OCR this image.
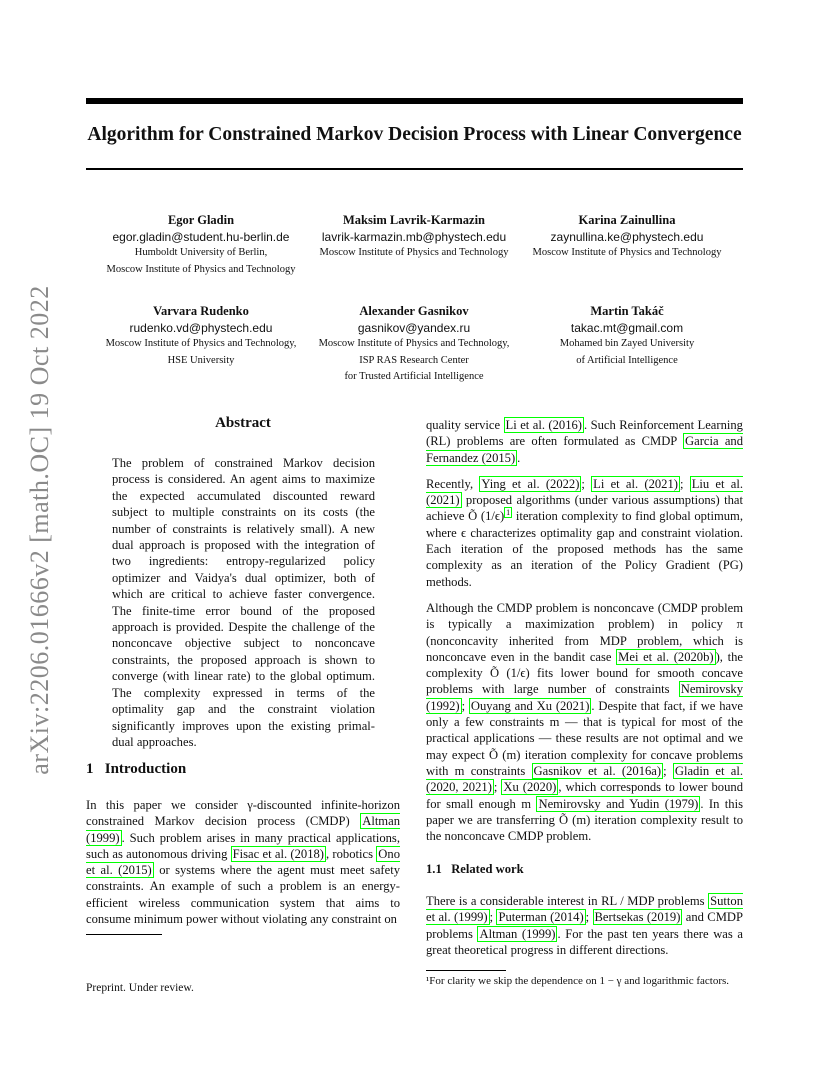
arXiv:2206.01666v2 [math.OC] 19 Oct 2022
Algorithm for Constrained Markov Decision Process with Linear Convergence
Egor Gladin
egor.gladin@student.hu-berlin.de
Humboldt University of Berlin,
Moscow Institute of Physics and Technology
Maksim Lavrik-Karmazin
lavrik-karmazin.mb@phystech.edu
Moscow Institute of Physics and Technology
Karina Zainullina
zaynullina.ke@phystech.edu
Moscow Institute of Physics and Technology
Varvara Rudenko
rudenko.vd@phystech.edu
Moscow Institute of Physics and Technology,
HSE University
Alexander Gasnikov
gasnikov@yandex.ru
Moscow Institute of Physics and Technology,
ISP RAS Research Center
for Trusted Artificial Intelligence
Martin Takáč
takac.mt@gmail.com
Mohamed bin Zayed University
of Artificial Intelligence
Abstract
The problem of constrained Markov decision process is considered. An agent aims to maximize the expected accumulated discounted reward subject to multiple constraints on its costs (the number of constraints is relatively small). A new dual approach is proposed with the integration of two ingredients: entropy-regularized policy optimizer and Vaidya's dual optimizer, both of which are critical to achieve faster convergence. The finite-time error bound of the proposed approach is provided. Despite the challenge of the nonconcave objective subject to nonconcave constraints, the proposed approach is shown to converge (with linear rate) to the global optimum. The complexity expressed in terms of the optimality gap and the constraint violation significantly improves upon the existing primal-dual approaches.
1   Introduction

In this paper we consider γ-discounted infinite-horizon constrained Markov decision process (CMDP) Altman (1999) . Such problem arises in many practical applications, such as autonomous driving Fisac et al. (2018) , robotics Ono et al. (2015) or systems where the agent must meet safety constraints. An example of such a problem is an energy-efficient wireless communication system that aims to consume minimum power without violating any constraint on

Preprint. Under review.

quality service Li et al. (2016) . Such Reinforcement Learning (RL) problems are often formulated as CMDP Garcia and Fernandez (2015) .

Recently, Ying et al. (2022) ; Li et al. (2021) ; Liu et al. (2021) proposed algorithms (under various assumptions) that achieve Õ (1/ϵ) $^1$ iteration complexity to find global optimum, where ϵ characterizes optimality gap and constraint violation. Each iteration of the proposed methods has the same complexity as an iteration of the Policy Gradient (PG) methods.

Although the CMDP problem is nonconcave (CMDP problem is typically a maximization problem) in policy π (nonconcavity inherited from MDP problem, which is nonconcave even in the bandit case Mei et al. (2020b) ), the complexity Õ (1/ϵ) fits lower bound for smooth concave problems with large number of constraints Nemirovsky (1992) ; Ouyang and Xu (2021) . Despite that fact, if we have only a few constraints m — that is typical for most of the practical applications — these results are not optimal and we may expect Õ (m) iteration complexity for concave problems with m constraints Gasnikov et al. (2016a) ; Gladin et al. (2020, 2021) ; Xu (2020) , which corresponds to lower bound for small enough m Nemirovsky and Yudin (1979) . In this paper we are transferring Õ (m) iteration complexity result to the nonconcave CMDP problem.

1.1   Related work

There is a considerable interest in RL / MDP problems Sutton et al. (1999) ; Puterman (2014) ; Bertsekas (2019) and CMDP problems Altman (1999) . For the past ten years there was a great theoretical progress in different directions.

¹For clarity we skip the dependence on 1 − γ and logarithmic factors.
